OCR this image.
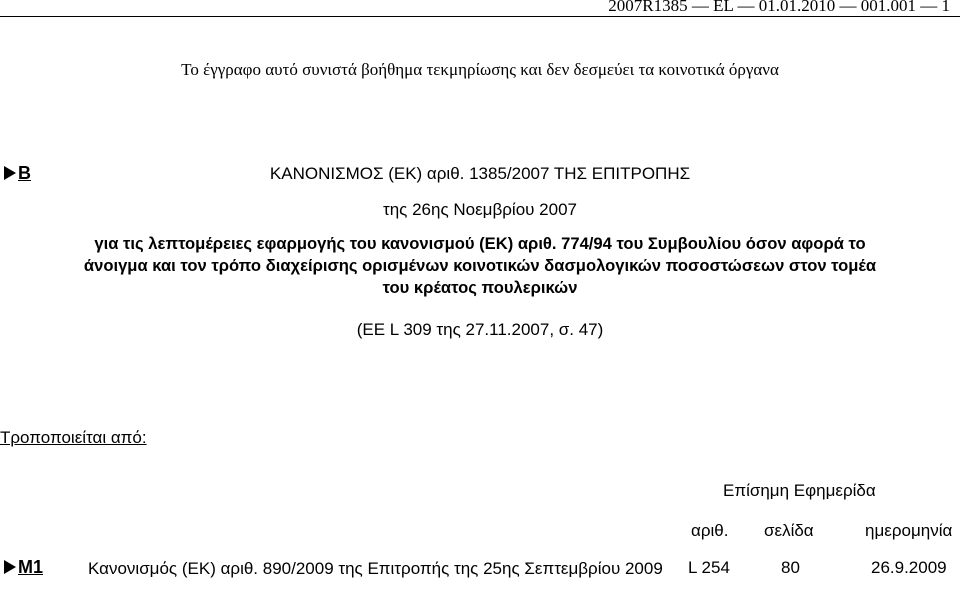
2007R1385 — EL — 01.01.2010 — 001.001 — 1
Το έγγραφο αυτό συνιστά βοήθημα τεκμηρίωσης και δεν δεσμεύει τα κοινοτικά όργανα
B	ΚΑΝΟΝΙΣΜΟΣ (ΕΚ) αριθ. 1385/2007 ΤΗΣ ΕΠΙΤΡΟΠΗΣ
της 26ης Νοεμβρίου 2007
για τις λεπτομέρειες εφαρμογής του κανονισμού (ΕΚ) αριθ. 774/94 του Συμβουλίου όσον αφορά το
άνοιγμα και τον τρόπο διαχείρισης ορισμένων κοινοτικών δασμολογικών ποσοστώσεων στον τομέα
του κρέατος πουλερικών
(ΕΕ L 309 της 27.11.2007, σ. 47)
Τροποποιείται από:
Επίσημη Εφημερίδα
αριθ. σελίδα	ημερομηνία
M1	Κανονισμός (ΕΚ) αριθ. 890/2009 της Επιτροπής της 25ης Σεπτεμβρίου 2009	L 254	80	26.9.2009
